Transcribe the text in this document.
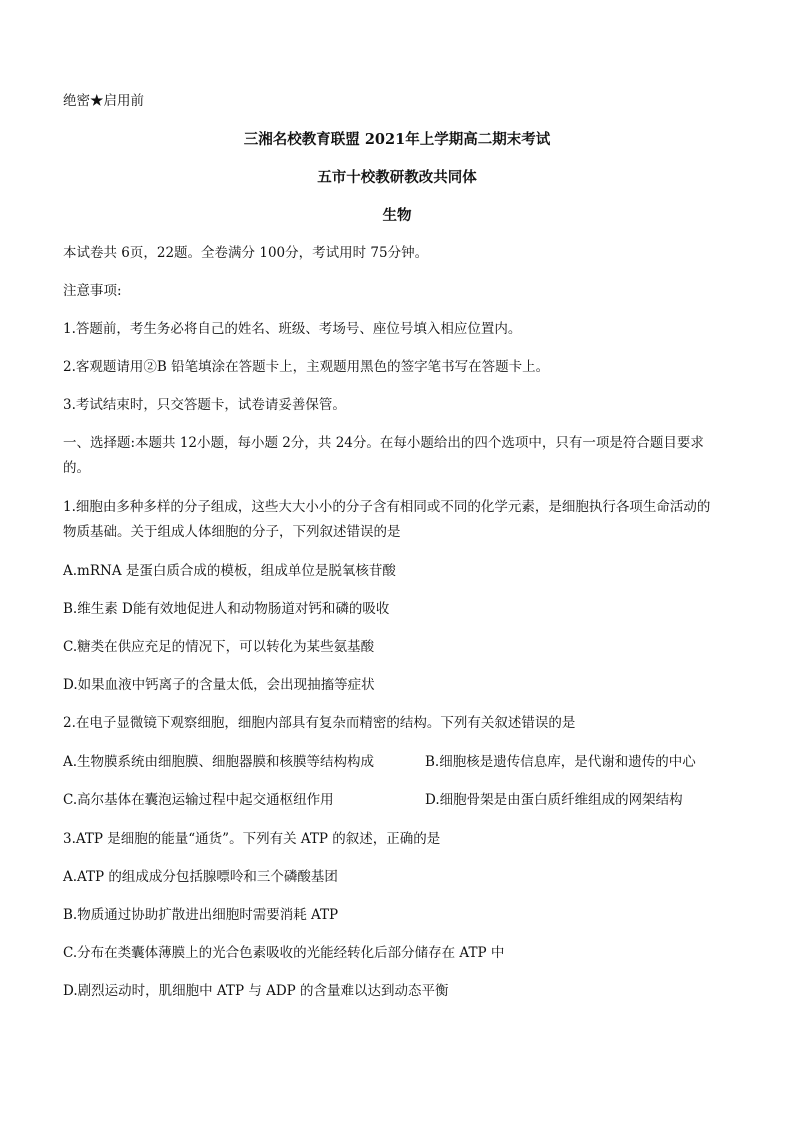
绝密★启用前
三湘名校教育联盟 2021年上学期高二期末考试
五市十校教研教改共同体
生物
本试卷共 6页，22题。全卷满分 100分，考试用时 75分钟。
注意事项:
1.答题前，考生务必将自己的姓名、班级、考场号、座位号填入相应位置内。
2.客观题请用②B 铅笔填涂在答题卡上，主观题用黑色的签字笔书写在答题卡上。
3.考试结束时，只交答题卡，试卷请妥善保管。
一、选择题:本题共 12小题，每小题 2分，共 24分。在每小题给出的四个选项中，只有一项是符合题目要求
的。
1.细胞由多种多样的分子组成，这些大大小小的分子含有相同或不同的化学元素，是细胞执行各项生命活动的
物质基础。关于组成人体细胞的分子，下列叙述错误的是
A.mRNA 是蛋白质合成的模板，组成单位是脱氧核苷酸
B.维生素 D能有效地促进人和动物肠道对钙和磷的吸收
C.糖类在供应充足的情况下，可以转化为某些氨基酸
D.如果血液中钙离子的含量太低，会出现抽搐等症状
2.在电子显微镜下观察细胞，细胞内部具有复杂而精密的结构。下列有关叙述错误的是
A.生物膜系统由细胞膜、细胞器膜和核膜等结构构成	B.细胞核是遗传信息库，是代谢和遗传的中心
C.高尔基体在囊泡运输过程中起交通枢纽作用	D.细胞骨架是由蛋白质纤维组成的网架结构
3.ATP 是细胞的能量“通货”。下列有关 ATP 的叙述，正确的是
A.ATP 的组成成分包括腺嘌呤和三个磷酸基团
B.物质通过协助扩散进出细胞时需要消耗 ATP
C.分布在类囊体薄膜上的光合色素吸收的光能经转化后部分储存在 ATP 中
D.剧烈运动时，肌细胞中 ATP 与 ADP 的含量难以达到动态平衡
